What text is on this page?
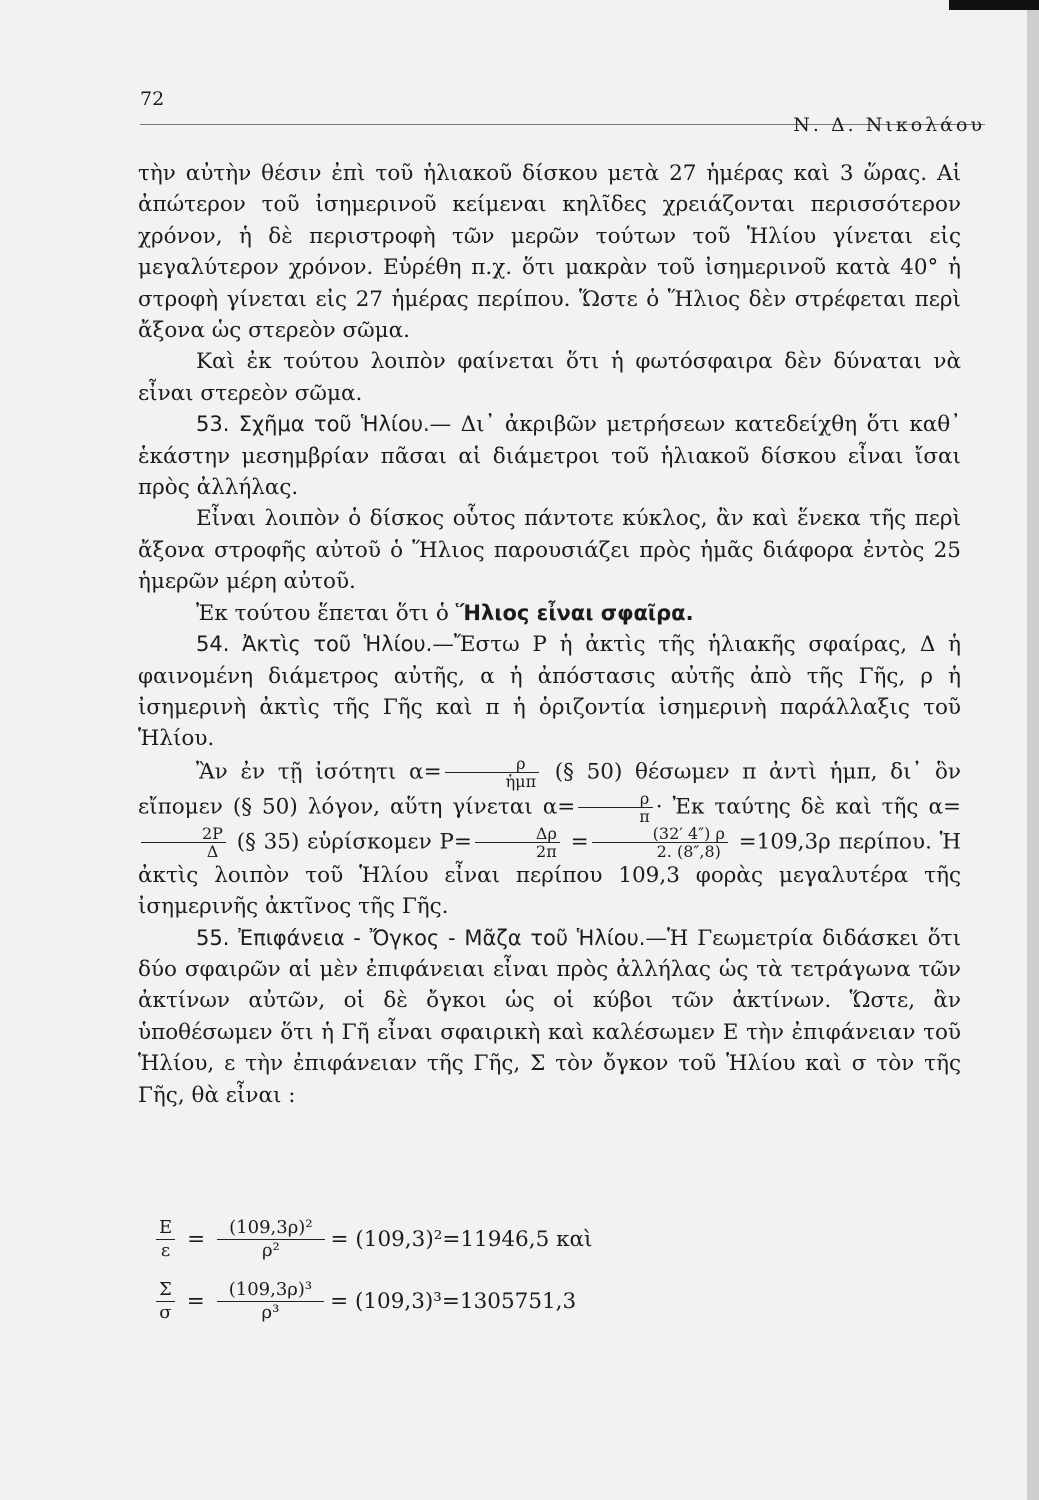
72
Ν. Δ. Νικολάου

τὴν αὐτὴν θέσιν ἐπὶ τοῦ ἡλιακοῦ δίσκου μετὰ 27 ἡμέρας καὶ 3 ὥρας. Αἱ ἀπώτερον τοῦ ἰσημερινοῦ κείμεναι κηλῖδες χρειάζονται περισσότερον χρόνον, ἡ δὲ περιστροφὴ τῶν μερῶν τούτων τοῦ Ἡλίου γίνεται εἰς μεγαλύτερον χρόνον. Εὑρέθη π.χ. ὅτι μακρὰν τοῦ ἰσημερινοῦ κατὰ 40° ἡ στροφὴ γίνεται εἰς 27 ἡμέρας περίπου. Ὥστε ὁ Ἥλιος δὲν στρέφεται περὶ ἄξονα ὡς στερεὸν σῶμα.

Καὶ ἐκ τούτου λοιπὸν φαίνεται ὅτι ἡ φωτόσφαιρα δὲν δύναται νὰ εἶναι στερεὸν σῶμα.

53. Σχῆμα τοῦ Ἡλίου.— Δι᾽ ἀκριβῶν μετρήσεων κατεδείχθη ὅτι καθ᾽ ἑκάστην μεσημβρίαν πᾶσαι αἱ διάμετροι τοῦ ἡλιακοῦ δίσκου εἶναι ἴσαι πρὸς ἀλλήλας.

Εἶναι λοιπὸν ὁ δίσκος οὗτος πάντοτε κύκλος, ἂν καὶ ἕνεκα τῆς περὶ ἄξονα στροφῆς αὐτοῦ ὁ Ἥλιος παρουσιάζει πρὸς ἡμᾶς διάφορα ἐντὸς 25 ἡμερῶν μέρη αὐτοῦ.

Ἐκ τούτου ἕπεται ὅτι ὁ Ἥλιος εἶναι σφαῖρα.

54. Ἀκτὶς τοῦ Ἡλίου.—Ἔστω Ρ ἡ ἀκτὶς τῆς ἡλιακῆς σφαίρας, Δ ἡ φαινομένη διάμετρος αὐτῆς, α ἡ ἀπόστασις αὐτῆς ἀπὸ τῆς Γῆς, ρ ἡ ἰσημερινὴ ἀκτὶς τῆς Γῆς καὶ π ἡ ὁριζοντία ἰσημερινὴ παράλλαξις τοῦ Ἡλίου.

Ἂν ἐν τῇ ἰσότητι $\alpha= \frac{\rho}{\text{ἡμπ}}$ (§ 50) θέσωμεν π ἀντὶ ἡμπ, δι᾽ ὃν εἴπομεν (§ 50) λόγον, αὕτη γίνεται $\alpha= \frac{\rho}{\pi}$ · Ἐκ ταύτης δὲ καὶ τῆς α=
$\frac{2P}{\Delta}$ (§ 35) εὑρίσκομεν $P= \frac{\Delta\rho}{2\pi} = \frac{(32' 4'') \rho}{2. (8'',8)} =109,3\rho$ περίπου. Ἡ ἀκτὶς λοιπὸν τοῦ Ἡλίου εἶναι περίπου 109,3 φορὰς μεγαλυτέρα τῆς ἰσημερινῆς ἀκτῖνος τῆς Γῆς.

55. Ἐπιφάνεια - Ὄγκος - Μᾶζα τοῦ Ἡλίου.—Ἡ Γεωμετρία διδάσκει ὅτι δύο σφαιρῶν αἱ μὲν ἐπιφάνειαι εἶναι πρὸς ἀλλήλας ὡς τὰ τετράγωνα τῶν ἀκτίνων αὐτῶν, οἱ δὲ ὄγκοι ὡς οἱ κύβοι τῶν ἀκτίνων. Ὥστε, ἂν ὑποθέσωμεν ὅτι ἡ Γῆ εἶναι σφαιρικὴ καὶ καλέσωμεν Ε τὴν ἐπιφάνειαν τοῦ Ἡλίου, ε τὴν ἐπιφάνειαν τῆς Γῆς, Σ τὸν ὄγκον τοῦ Ἡλίου καὶ σ τὸν τῆς Γῆς, θὰ εἶναι :

$\frac{E}{\varepsilon} = \frac{\text{(109,3ρ)²}}{\text{ρ²}} = (109,3)^2=11946,5$ καὶ
$\frac{\Sigma}{\sigma} = \frac{\text{(109,3ρ)³}}{\text{ρ³}} = (109,3)^3=1305751,3$
